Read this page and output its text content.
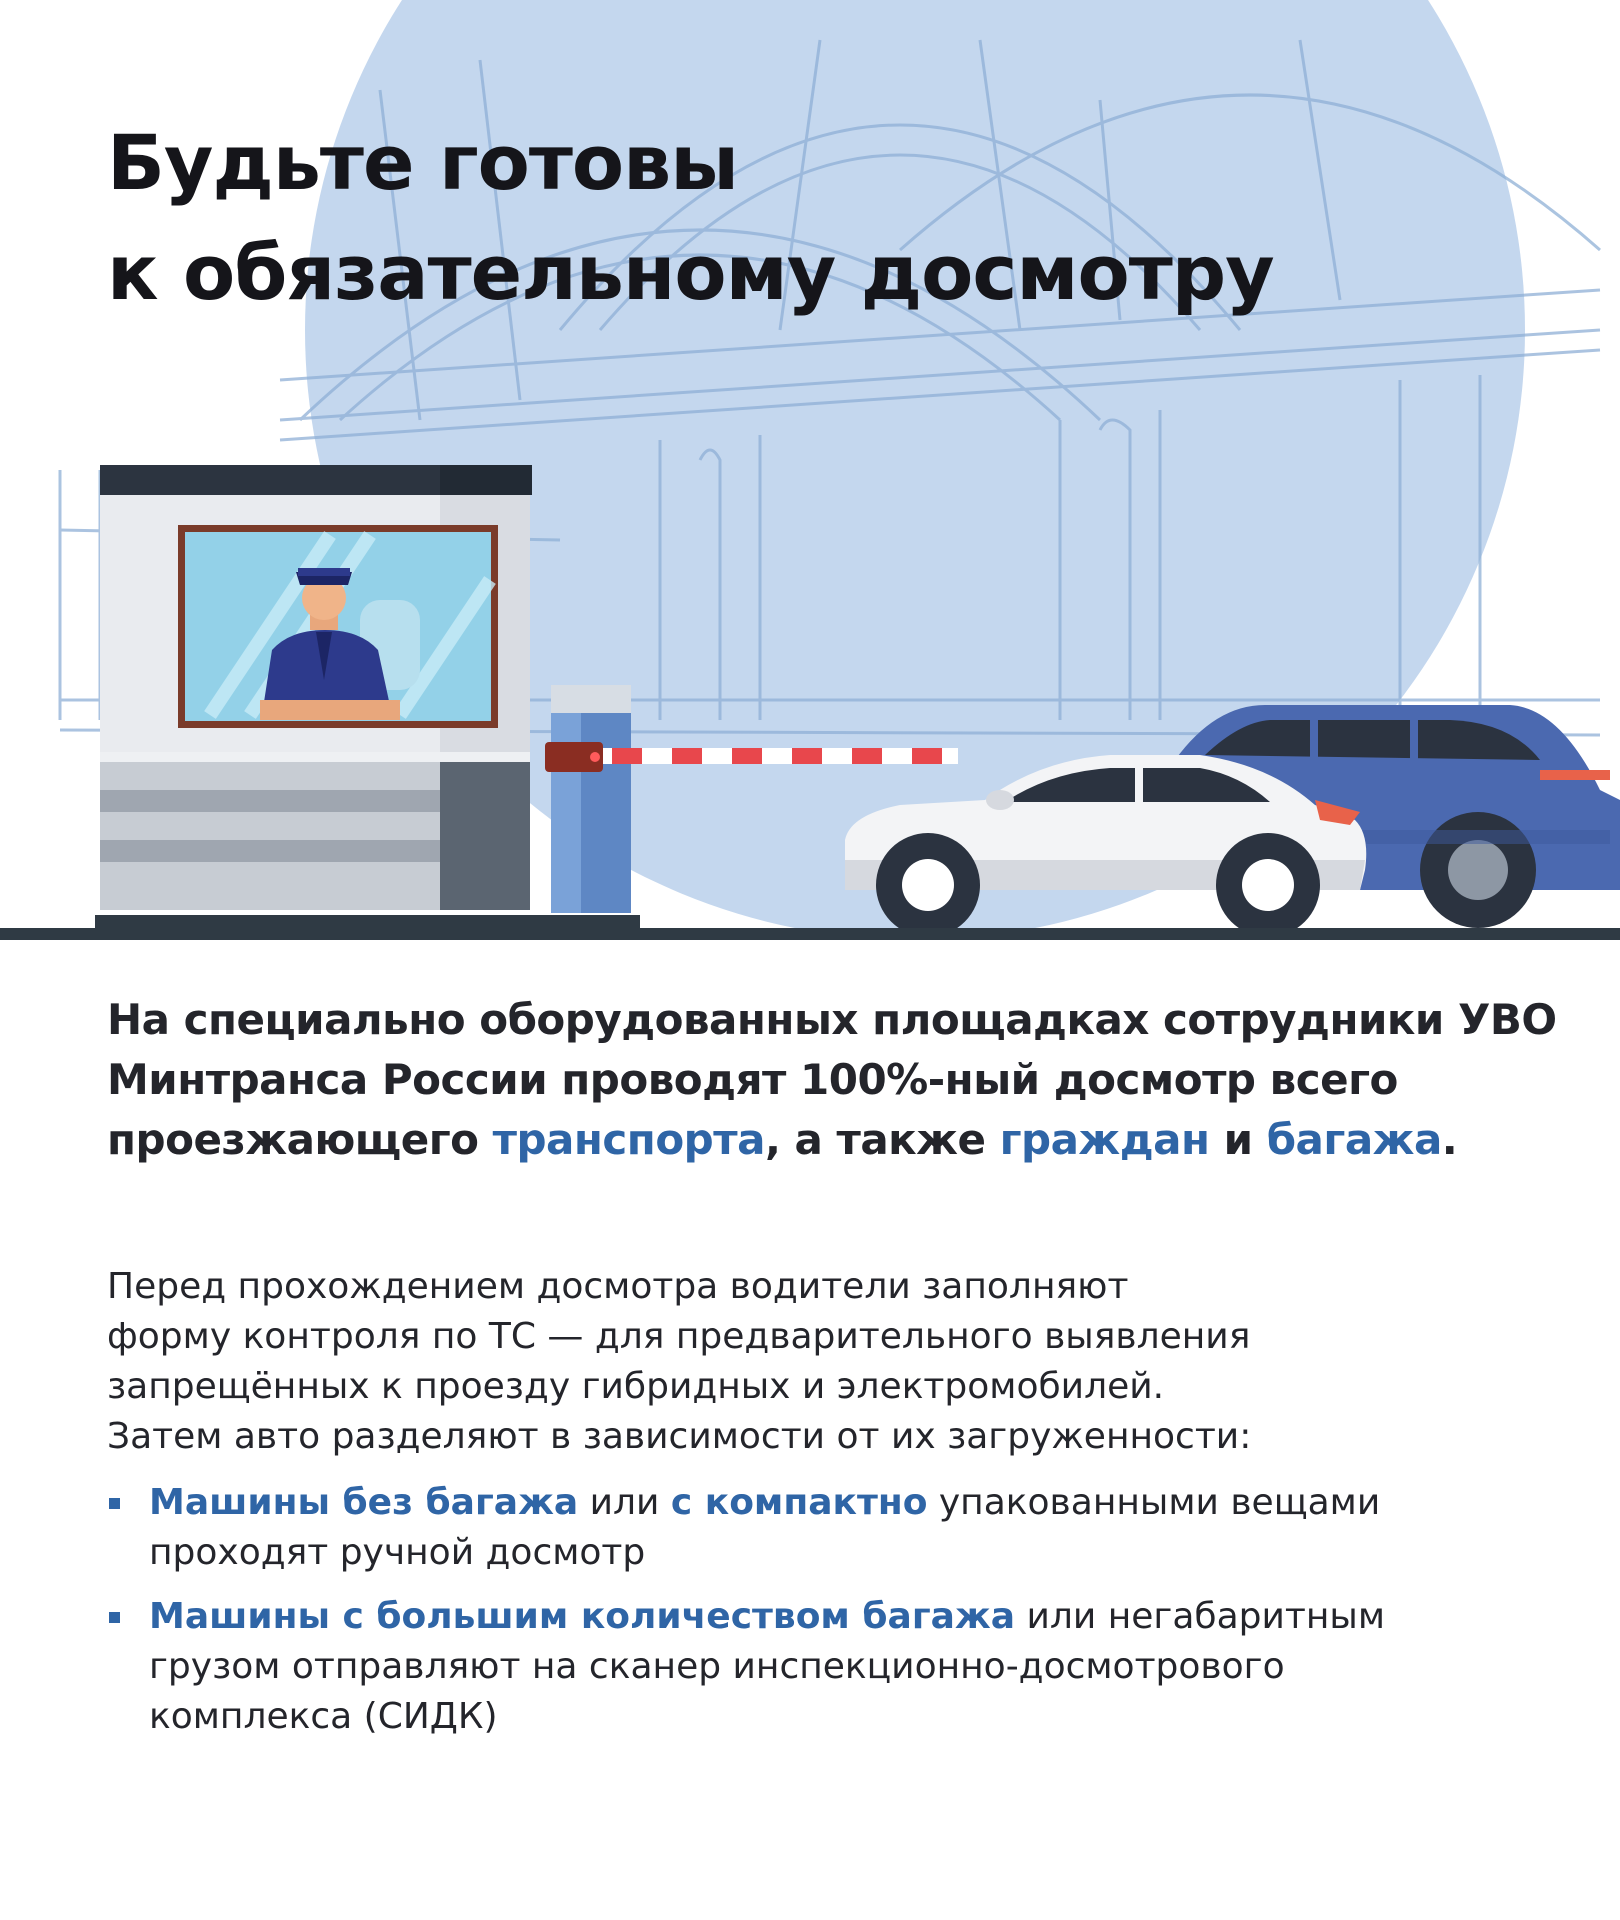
Будьте готовы
к обязательному досмотру

На специально оборудованных площадках сотрудники УВО Минтранса России проводят 100%-ный досмотр всего проезжающего транспорта, а также граждан и багажа.

Перед прохождением досмотра водители заполняют
форму контроля по ТС — для предварительного выявления
запрещённых к проезду гибридных и электромобилей.
Затем авто разделяют в зависимости от их загруженности:

Машины без багажа или с компактно упакованными вещами
проходят ручной досмотр
Машины с большим количеством багажа или негабаритным
грузом отправляют на сканер инспекционно-досмотрового
комплекса (СИДК)
